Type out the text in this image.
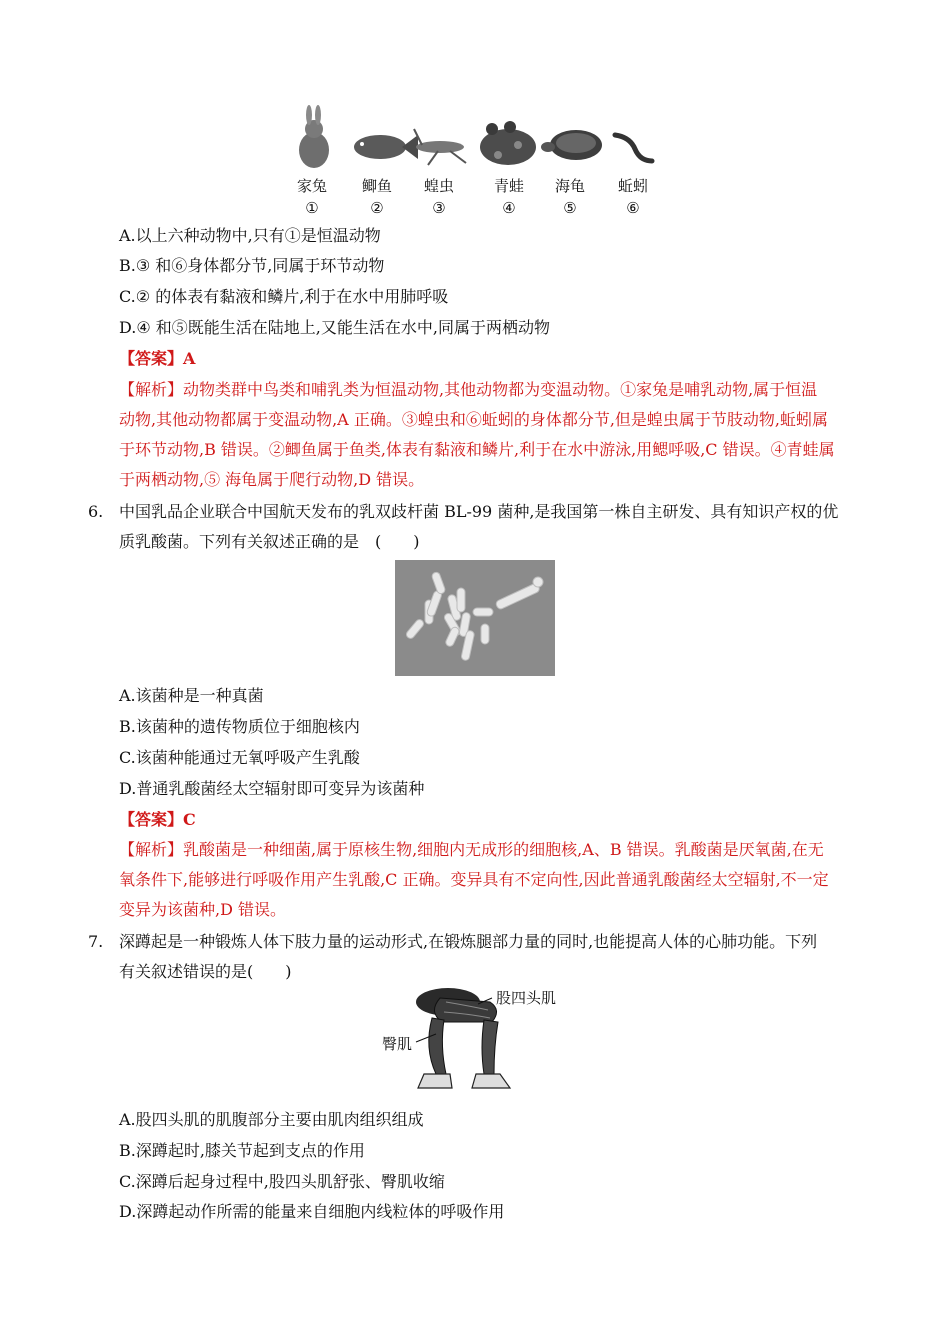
家兔	鲫鱼	蝗虫	青蛙	海龟	蚯蚓
①	②	③	④	⑤	⑥
A.以上六种动物中,只有①是恒温动物
B.③ 和⑥身体都分节,同属于环节动物
C.② 的体表有黏液和鳞片,利于在水中用肺呼吸
D.④ 和⑤既能生活在陆地上,又能生活在水中,同属于两栖动物
【答案】A
【解析】动物类群中鸟类和哺乳类为恒温动物,其他动物都为变温动物。①家兔是哺乳动物,属于恒温
动物,其他动物都属于变温动物,A 正确。③蝗虫和⑥蚯蚓的身体都分节,但是蝗虫属于节肢动物,蚯蚓属
于环节动物,B 错误。②鲫鱼属于鱼类,体表有黏液和鳞片,利于在水中游泳,用鳃呼吸,C 错误。④青蛙属
于两栖动物,⑤ 海龟属于爬行动物,D 错误。
6. 中国乳品企业联合中国航天发布的乳双歧杆菌 BL-99 菌种,是我国第一株自主研发、具有知识产权的优
质乳酸菌。下列有关叙述正确的是　(　　)
A.该菌种是一种真菌
B.该菌种的遗传物质位于细胞核内
C.该菌种能通过无氧呼吸产生乳酸
D.普通乳酸菌经太空辐射即可变异为该菌种
【答案】C
【解析】乳酸菌是一种细菌,属于原核生物,细胞内无成形的细胞核,A、B 错误。乳酸菌是厌氧菌,在无
氧条件下,能够进行呼吸作用产生乳酸,C 正确。变异具有不定向性,因此普通乳酸菌经太空辐射,不一定
变异为该菌种,D 错误。
7. 深蹲起是一种锻炼人体下肢力量的运动形式,在锻炼腿部力量的同时,也能提高人体的心肺功能。下列
有关叙述错误的是(　　)
股四头肌
臀肌
A.股四头肌的肌腹部分主要由肌肉组织组成
B.深蹲起时,膝关节起到支点的作用
C.深蹲后起身过程中,股四头肌舒张、臀肌收缩
D.深蹲起动作所需的能量来自细胞内线粒体的呼吸作用
